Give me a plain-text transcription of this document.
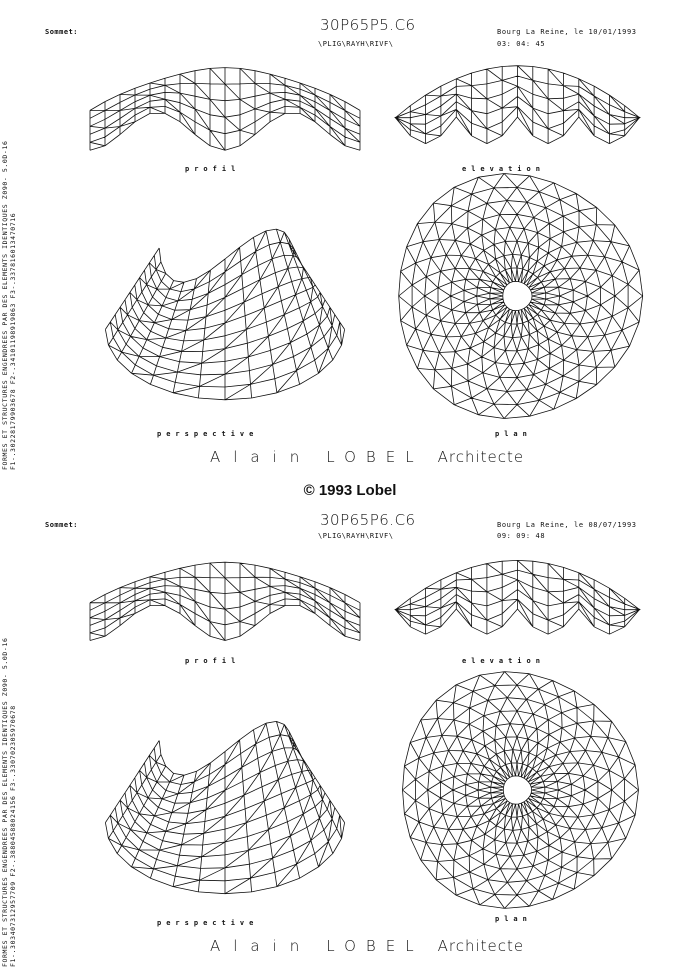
FORMES ET STRUCTURES ENGENDREES PAR DES ELEMENTS IDENTIQUES Z090- 5.0D-16 F1-.30228179903678 F2-.34101198919863 F3-.337816013470716
Sommet:	30P65P5.C6
\PLIG\RAYH\RIVF\
Bourg La Reine, le 10/01/1993
03: 04: 45
profil	elevation
perspective	plan
Alain LOBEL Architecte
© 1993 Lobel
FORMES ET STRUCTURES ENGENDREES PAR DES ELEMENTS IDENTIQUES Z090- 5.0D-16 F1-.303407312957709 F2-.38804588024156 F3-.330702305970678
Sommet:	30P65P6.C6
\PLIG\RAYH\RIVF\
Bourg La Reine, le 08/07/1993
09: 09: 48
profil	elevation
perspective	plan
Alain LOBEL Architecte
